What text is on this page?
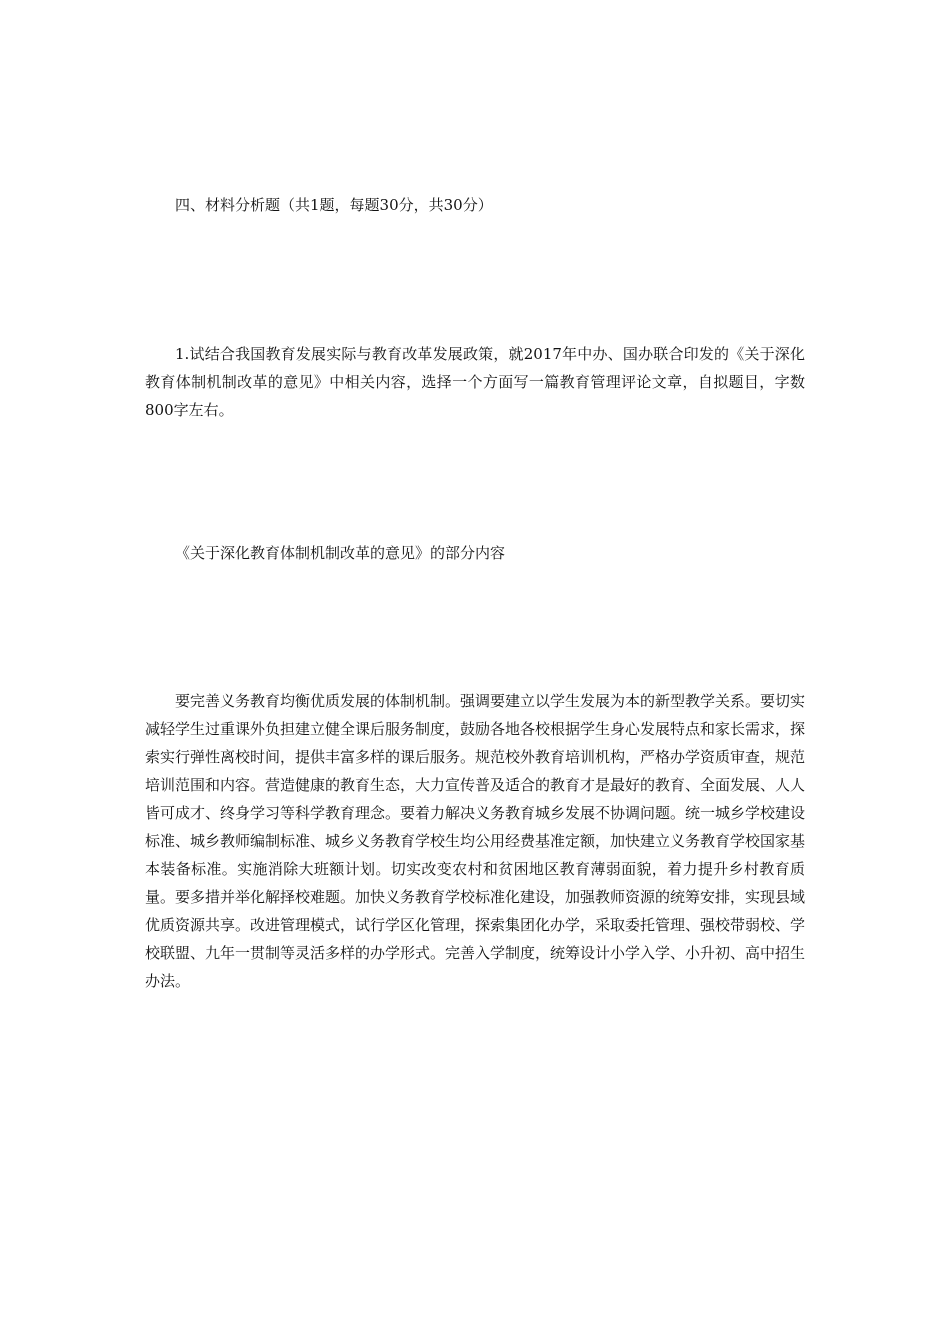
四、材料分析题（共1题，每题30分，共30分）

1.试结合我国教育发展实际与教育改革发展政策，就2017年中办、国办联合印发的《关于深化教育体制机制改革的意见》中相关内容，选择一个方面写一篇教育管理评论文章，自拟题目，字数800字左右。

《关于深化教育体制机制改革的意见》的部分内容

要完善义务教育均衡优质发展的体制机制。强调要建立以学生发展为本的新型教学关系。要切实减轻学生过重课外负担建立健全课后服务制度，鼓励各地各校根据学生身心发展特点和家长需求，探索实行弹性离校时间，提供丰富多样的课后服务。规范校外教育培训机构，严格办学资质审查，规范培训范围和内容。营造健康的教育生态，大力宣传普及适合的教育才是最好的教育、全面发展、人人皆可成才、终身学习等科学教育理念。要着力解决义务教育城乡发展不协调问题。统一城乡学校建设标准、城乡教师编制标准、城乡义务教育学校生均公用经费基准定额，加快建立义务教育学校国家基本装备标准。实施消除大班额计划。切实改变农村和贫困地区教育薄弱面貌，着力提升乡村教育质量。要多措并举化解择校难题。加快义务教育学校标准化建设，加强教师资源的统筹安排，实现县域优质资源共享。改进管理模式，试行学区化管理，探索集团化办学，采取委托管理、强校带弱校、学校联盟、九年一贯制等灵活多样的办学形式。完善入学制度，统筹设计小学入学、小升初、高中招生办法。
